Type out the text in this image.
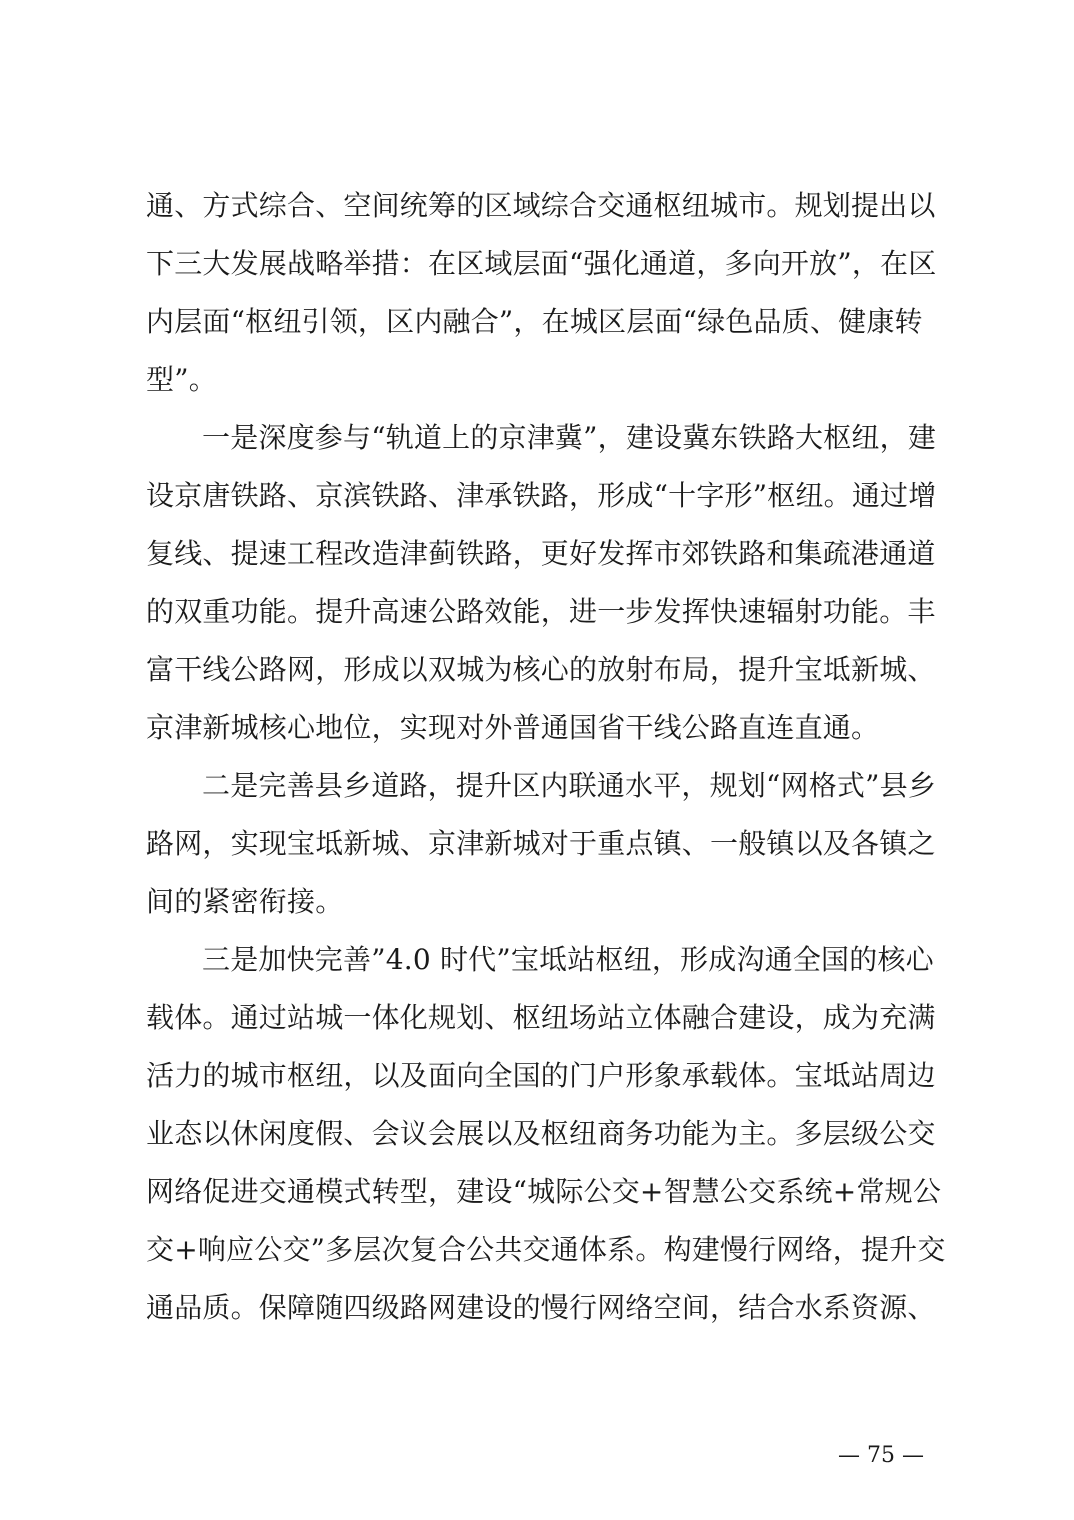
通、方式综合、空间统筹的区域综合交通枢纽城市。规划提出以
下三大发展战略举措：在区域层面“强化通道，多向开放”，在区
内层面“枢纽引领，区内融合”，在城区层面“绿色品质、健康转
型”。
一是深度参与“轨道上的京津冀”，建设冀东铁路大枢纽，建
设京唐铁路、京滨铁路、津承铁路，形成“十字形”枢纽。通过增
复线、提速工程改造津蓟铁路，更好发挥市郊铁路和集疏港通道
的双重功能。提升高速公路效能，进一步发挥快速辐射功能。丰
富干线公路网，形成以双城为核心的放射布局，提升宝坻新城、
京津新城核心地位，实现对外普通国省干线公路直连直通。
二是完善县乡道路，提升区内联通水平，规划“网格式”县乡
路网，实现宝坻新城、京津新城对于重点镇、一般镇以及各镇之
间的紧密衔接。
三是加快完善”4.0 时代”宝坻站枢纽，形成沟通全国的核心
载体。通过站城一体化规划、枢纽场站立体融合建设，成为充满
活力的城市枢纽，以及面向全国的门户形象承载体。宝坻站周边
业态以休闲度假、会议会展以及枢纽商务功能为主。多层级公交
网络促进交通模式转型，建设“城际公交+智慧公交系统+常规公
交+响应公交”多层次复合公共交通体系。构建慢行网络，提升交
通品质。保障随四级路网建设的慢行网络空间，结合水系资源、
— 75 —
